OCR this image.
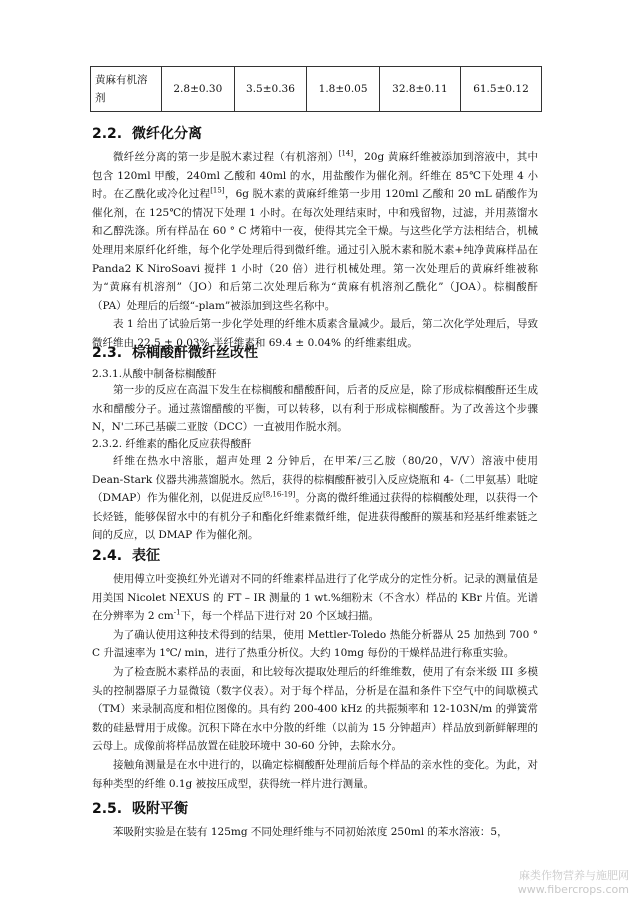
黄麻有机溶剂	2.8±0.30	3.5±0.36	1.8±0.05	32.8±0.11	61.5±0.12
2.2. 微纤化分离

微纤丝分离的第一步是脱木素过程（有机溶剂）[14]，20g 黄麻纤维被添加到溶液中，其中包含 120ml 甲酸，240ml 乙酸和 40ml 的水，用盐酸作为催化剂。纤维在 85℃下处理 4 小时。在乙酰化或冷化过程[15]，6g 脱木素的黄麻纤维第一步用 120ml 乙酸和 20 mL 硝酸作为催化剂，在 125℃的情况下处理 1 小时。在每次处理结束时，中和残留物，过滤，并用蒸馏水和乙醇洗涤。所有样品在 60 ° C 烤箱中一夜，使得其完全干燥。与这些化学方法相结合，机械处理用来原纤化纤维，每个化学处理后得到微纤维。通过引入脱木素和脱木素+纯净黄麻样品在 Panda2 K NiroSoavi 搅拌 1 小时（20 倍）进行机械处理。第一次处理后的黄麻纤维被称为“黄麻有机溶剂”（JO）和后第二次处理后称为“黄麻有机溶剂乙酰化”（JOA）。棕榈酸酐（PA）处理后的后缀“-plam”被添加到这些名称中。

表 1 给出了试验后第一步化学处理的纤维木质素含量减少。最后，第二次化学处理后，导致微纤维由 22.5 ± 0.03% 半纤维素和 69.4 ± 0.04% 的纤维素组成。

2.3. 棕榈酸酐微纤丝改性
2.3.1.从酸中制备棕榈酸酐

第一步的反应在高温下发生在棕榈酸和醋酸酐间，后者的反应是，除了形成棕榈酸酐还生成水和醋酸分子。通过蒸馏醋酸的平衡，可以转移，以有利于形成棕榈酸酐。为了改善这个步骤 N，N'二环己基碳二亚胺（DCC）一直被用作脱水剂。

2.3.2. 纤维素的酯化反应获得酸酐

纤维在热水中溶胀，超声处理 2 分钟后，在甲苯/三乙胺（80/20，V/V）溶液中使用 Dean-Stark 仪器共沸蒸馏脱水。然后，获得的棕榈酸酐被引入反应烧瓶和 4-（二甲氨基）吡啶（DMAP）作为催化剂，以促进反应[8,16-19]。分离的微纤维通过获得的棕榈酸处理，以获得一个长烃链，能够保留水中的有机分子和酯化纤维素微纤维，促进获得酸酐的羰基和羟基纤维素链之间的反应，以 DMAP 作为催化剂。

2.4. 表征

使用傅立叶变换红外光谱对不同的纤维素样品进行了化学成分的定性分析。记录的测量值是用美国 Nicolet NEXUS 的 FT – IR 测量的 1 wt.%细粉末（不含水）样品的 KBr 片值。光谱在分辨率为 2 $cm^{-1}$下，每一个样品下进行对 20 个区域扫描。

为了确认使用这种技术得到的结果，使用 Mettler-Toledo 热能分析器从 25 加热到 700 ° C 升温速率为 1℃/ min，进行了热重分析仪。大约 10mg 每份的干燥样品进行称重实验。

为了检查脱木素样品的表面，和比较每次提取处理后的纤维维数，使用了有奈米级 III 多模头的控制器原子力显微镜（数字仪表）。对于每个样品，分析是在温和条件下空气中的间歇模式（TM）来录制高度和相位图像的。具有约 200-400 kHz 的共振频率和 12-103N/m 的弹簧常数的硅悬臂用于成像。沉积下降在水中分散的纤维（以前为 15 分钟超声）样品放到新鲜解理的云母上。成像前将样品放置在硅胶环境中 30-60 分钟，去除水分。

接触角测量是在水中进行的，以确定棕榈酸酐处理前后每个样品的亲水性的变化。为此，对每种类型的纤维 0.1g 被按压成型，获得统一样片进行测量。

2.5. 吸附平衡

苯吸附实验是在装有 125mg 不同处理纤维与不同初始浓度 250ml 的苯水溶液：5，

麻类作物营养与施肥网
www.fibercrops.com
